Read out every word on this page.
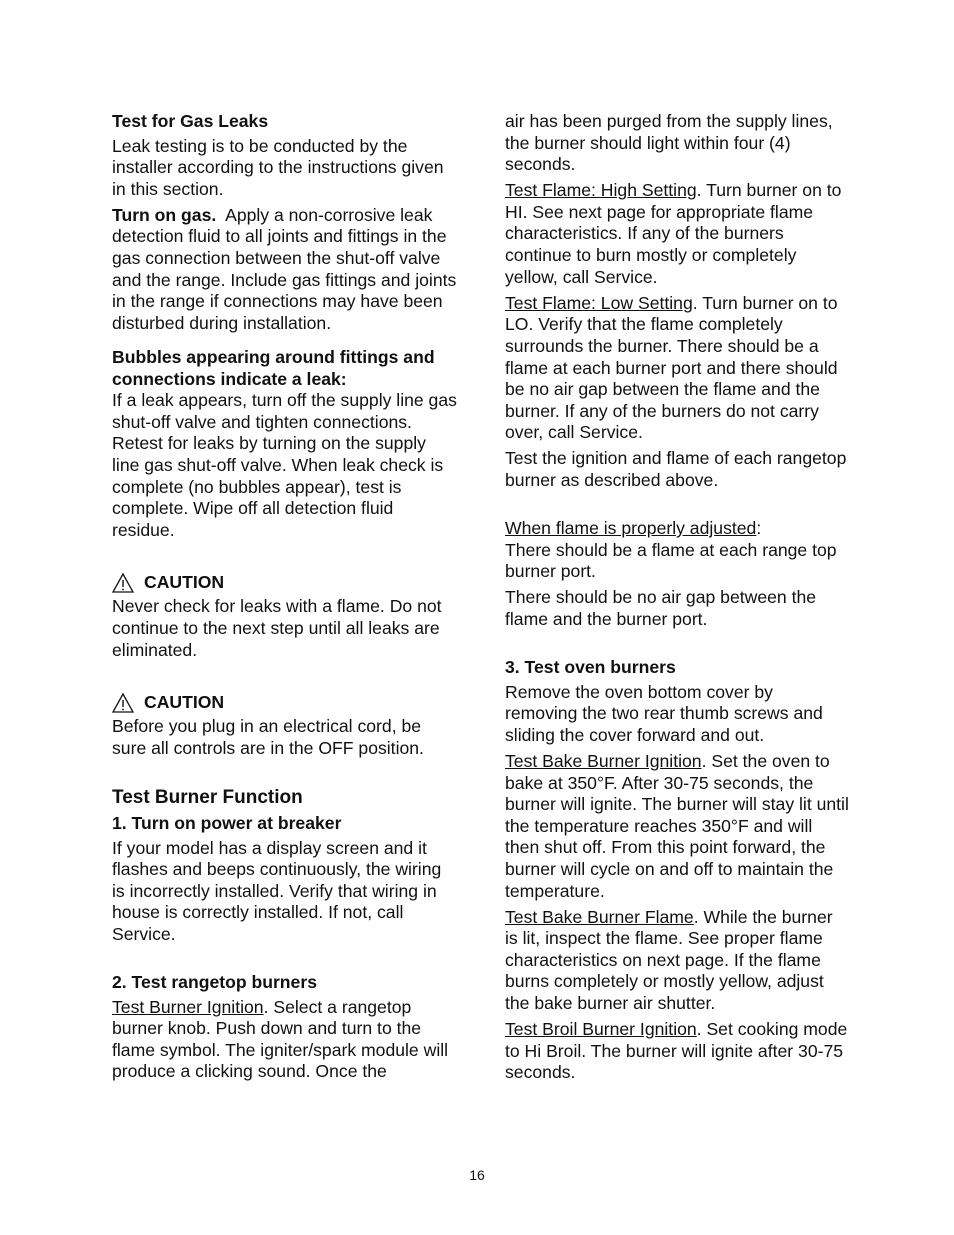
Test for Gas Leaks

Leak testing is to be conducted by the installer according to the instructions given in this section.

Turn on gas. Apply a non-corrosive leak detection fluid to all joints and fittings in the gas connection between the shut-off valve and the range. Include gas fittings and joints in the range if connections may have been disturbed during installation.

Bubbles appearing around fittings and connections indicate a leak:

If a leak appears, turn off the supply line gas shut-off valve and tighten connections. Retest for leaks by turning on the supply line gas shut-off valve. When leak check is complete (no bubbles appear), test is complete. Wipe off all detection fluid residue.

CAUTION

Never check for leaks with a flame. Do not continue to the next step until all leaks are eliminated.

CAUTION

Before you plug in an electrical cord, be sure all controls are in the OFF position.

Test Burner Function
1. Turn on power at breaker

If your model has a display screen and it flashes and beeps continuously, the wiring is incorrectly installed. Verify that wiring in house is correctly installed. If not, call Service.

2. Test rangetop burners

Test Burner Ignition. Select a rangetop burner knob. Push down and turn to the flame symbol. The igniter/spark module will produce a clicking sound. Once the

air has been purged from the supply lines, the burner should light within four (4) seconds.

Test Flame: High Setting. Turn burner on to HI. See next page for appropriate flame characteristics. If any of the burners continue to burn mostly or completely yellow, call Service.

Test Flame: Low Setting. Turn burner on to LO. Verify that the flame completely surrounds the burner. There should be a flame at each burner port and there should be no air gap between the flame and the burner. If any of the burners do not carry over, call Service.

Test the ignition and flame of each rangetop burner as described above.

When flame is properly adjusted:

There should be a flame at each range top burner port.

There should be no air gap between the flame and the burner port.

3. Test oven burners

Remove the oven bottom cover by removing the two rear thumb screws and sliding the cover forward and out.

Test Bake Burner Ignition. Set the oven to bake at 350°F. After 30-75 seconds, the burner will ignite. The burner will stay lit until the temperature reaches 350°F and will then shut off. From this point forward, the burner will cycle on and off to maintain the temperature.

Test Bake Burner Flame. While the burner is lit, inspect the flame. See proper flame characteristics on next page. If the flame burns completely or mostly yellow, adjust the bake burner air shutter.

Test Broil Burner Ignition. Set cooking mode to Hi Broil. The burner will ignite after 30-75 seconds.

16
